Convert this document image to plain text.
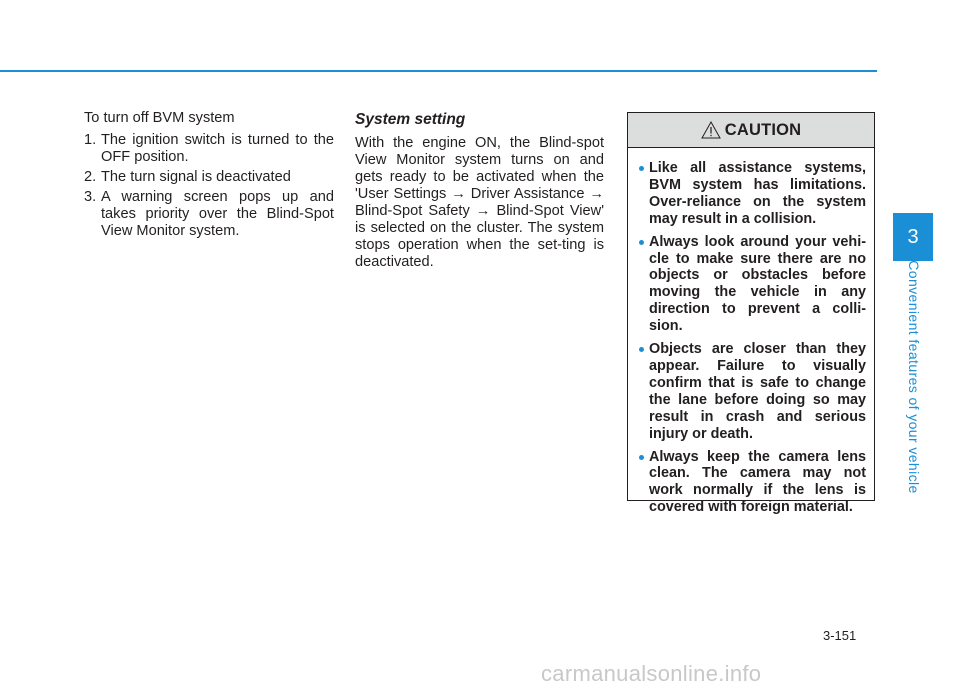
To turn off BVM system

1. The ignition switch is turned to the OFF position.
2. The turn signal is deactivated
3. A warning screen pops up and takes priority over the Blind-Spot View Monitor system.
System setting

With the engine ON, the Blind-spot View Monitor system turns on and gets ready to be activated when the 'User Settings → Driver Assistance → Blind-Spot Safety → Blind-Spot View' is selected on the cluster. The system stops operation when the set-ting is deactivated.

CAUTION
Like all assistance systems, BVM system has limitations. Over-reliance on the system may result in a collision.
Always look around your vehi-cle to make sure there are no objects or obstacles before moving the vehicle in any direction to prevent a colli-sion.
Objects are closer than they appear. Failure to visually confirm that is safe to change the lane before doing so may result in crash and serious injury or death.
Always keep the camera lens clean. The camera may not work normally if the lens is covered with foreign material.
3
Convenient features of your vehicle
3-151
carmanualsonline.info
